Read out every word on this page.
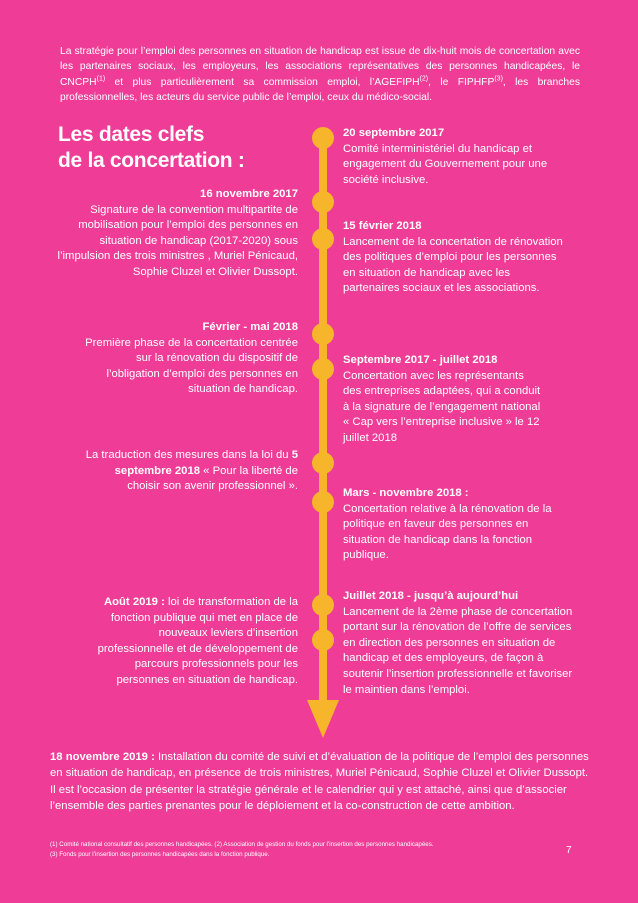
La stratégie pour l’emploi des personnes en situation de handicap est issue de dix-huit mois de concertation avec les partenaires sociaux, les employeurs, les associations représentatives des personnes handicapées, le CNCPH$^{(1)}$ et plus particulièrement sa commission emploi, l’AGEFIPH$^{(2)}$, le FIPHFP$^{(3)}$, les branches professionnelles, les acteurs du service public de l’emploi, ceux du médico-social.
Les dates clefs
de la concertation :
20 septembre 2017
Comité interministériel du handicap et engagement du Gouvernement pour une société inclusive.
15 février 2018
Lancement de la concertation de rénovation des politiques d’emploi pour les personnes en situation de handicap avec les partenaires sociaux et les associations.
Septembre 2017 - juillet 2018
Concertation avec les représentants des entreprises adaptées, qui a conduit à la signature de l’engagement national « Cap vers l’entreprise inclusive » le 12 juillet 2018
Mars - novembre 2018 :
Concertation relative à la rénovation de la politique en faveur des personnes en situation de handicap dans la fonction publique.
Juillet 2018 - jusqu’à aujourd’hui
Lancement de la 2ème phase de concertation portant sur la rénovation de l’offre de services en direction des personnes en situation de handicap et des employeurs, de façon à soutenir l’insertion professionnelle et favoriser le maintien dans l’emploi.
16 novembre 2017
Signature de la convention multipartite de mobilisation pour l’emploi des personnes en situation de handicap (2017-2020) sous l’impulsion des trois ministres , Muriel Pénicaud, Sophie Cluzel et Olivier Dussopt.
Février - mai 2018
Première phase de la concertation centrée sur la rénovation du dispositif de l’obligation d’emploi des personnes en situation de handicap.
La traduction des mesures dans la loi du 5 septembre 2018 « Pour la liberté de choisir son avenir professionnel ».
Août 2019 : loi de transformation de la fonction publique qui met en place de nouveaux leviers d’insertion professionnelle et de développement de parcours professionnels pour les personnes en situation de handicap.
18 novembre 2019 : Installation du comité de suivi et d’évaluation de la politique de l’emploi des personnes en situation de handicap, en présence de trois ministres, Muriel Pénicaud, Sophie Cluzel et Olivier Dussopt. Il est l’occasion de présenter la stratégie générale et le calendrier qui y est attaché, ainsi que d’associer l’ensemble des parties prenantes pour le déploiement et la co-construction de cette ambition.
(1) Comité national consultatif des personnes handicapées. (2) Association de gestion du fonds pour l’insertion des personnes handicapées.
(3) Fonds pour l’insertion des personnes handicapées dans la fonction publique.	7
